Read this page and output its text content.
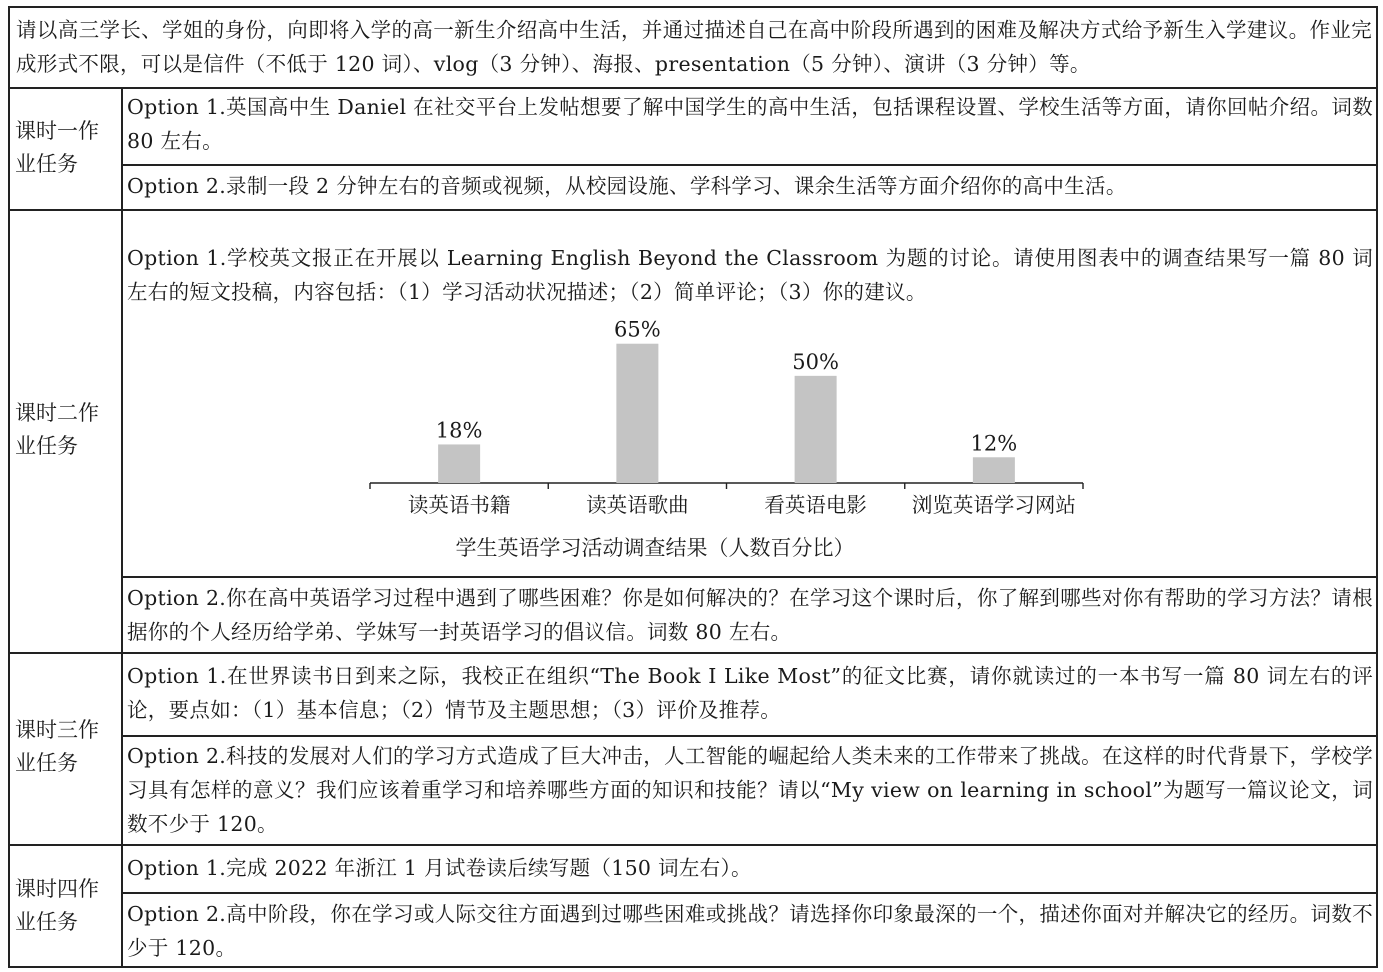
请以高三学长、学姐的身份，向即将入学的高一新生介绍高中生活，并通过描述自己在高中阶段所遇到的困难及解决方式给予新生入学建议。作业完成形式不限，可以是信件（不低于 120 词）、vlog（3 分钟）、海报、presentation（5 分钟）、演讲（3 分钟）等。

课时一作业任务

Option 1.英国高中生 Daniel 在社交平台上发帖想要了解中国学生的高中生活，包括课程设置、学校生活等方面，请你回帖介绍。词数 80 左右。

Option 2.录制一段 2 分钟左右的音频或视频，从校园设施、学科学习、课余生活等方面介绍你的高中生活。

课时二作业任务

Option 1.学校英文报正在开展以 Learning English Beyond the Classroom 为题的讨论。请使用图表中的调查结果写一篇 80 词左右的短文投稿，内容包括：（1）学习活动状况描述；（2）简单评论；（3）你的建议。

18%
读英语书籍
65%
读英语歌曲
50%
看英语电影
12%
浏览英语学习网站
学生英语学习活动调查结果（人数百分比）

Option 2.你在高中英语学习过程中遇到了哪些困难？你是如何解决的？在学习这个课时后，你了解到哪些对你有帮助的学习方法？请根据你的个人经历给学弟、学妹写一封英语学习的倡议信。词数 80 左右。

课时三作业任务

Option 1.在世界读书日到来之际，我校正在组织“The Book I Like Most”的征文比赛，请你就读过的一本书写一篇 80 词左右的评论，要点如：（1）基本信息；（2）情节及主题思想；（3）评价及推荐。

Option 2.科技的发展对人们的学习方式造成了巨大冲击，人工智能的崛起给人类未来的工作带来了挑战。在这样的时代背景下，学校学习具有怎样的意义？我们应该着重学习和培养哪些方面的知识和技能？请以“My view on learning in school”为题写一篇议论文，词数不少于 120。

课时四作业任务

Option 1.完成 2022 年浙江 1 月试卷读后续写题（150 词左右）。

Option 2.高中阶段，你在学习或人际交往方面遇到过哪些困难或挑战？请选择你印象最深的一个，描述你面对并解决它的经历。词数不少于 120。
